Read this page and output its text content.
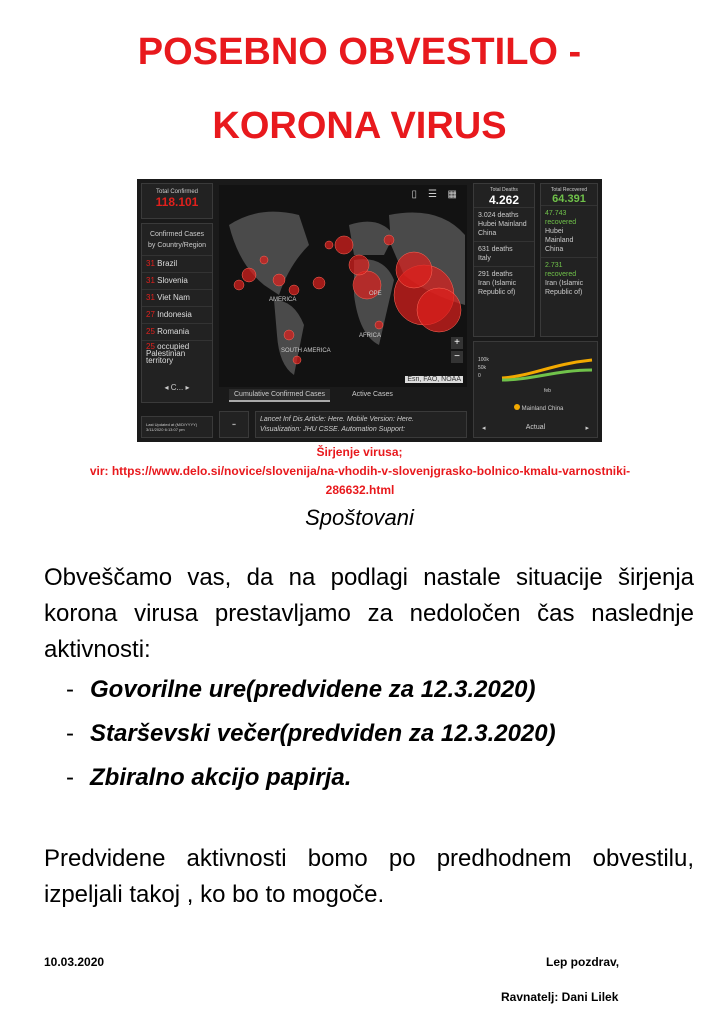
POSEBNO OBVESTILO -
KORONA VIRUS
Total Confirmed
118.101
Confirmed Cases by Country/Region
31 Brazil
31 Slovenia
31 Viet Nam
27 Indonesia
25 Romania
25 occupied Palestinian territory
◂ C... ▸
Last Updated at (M/D/YYYY) 3/11/2020 6:13:07 pm
AMERICA
OPE
SOUTH AMERICA
AFRICA
Esri, FAO, NOAA
+
−
▯ ☰ ▦
Cumulative Confirmed Cases	Active Cases
▪▪
Lancet Inf Dis Article: Here. Mobile Version: Here.
Visualization: JHU CSSE. Automation Support:
Total Deaths
4.262
3.024 deaths
Hubei Mainland China
631 deaths
Italy
291 deaths
Iran (Islamic Republic of)
Total Recovered
64.391
47.743 recovered
Hubei Mainland China
2.731 recovered
Iran (Islamic Republic of)
100k
50k
0
feb
Mainland China
◂	Actual	▸
Širjenje virusa;
vir: https://www.delo.si/novice/slovenija/na-vhodih-v-slovenjgrasko-bolnico-kmalu-varnostniki-286632.html
Spoštovani
Obveščamo vas, da na podlagi nastale situacije širjenja korona virusa prestavljamo za nedoločen čas naslednje aktivnosti:
- Govorilne ure(predvidene za 12.3.2020)
- Starševski večer(predviden za 12.3.2020)
- Zbiralno akcijo papirja.
Predvidene aktivnosti bomo po predhodnem obvestilu, izpeljali takoj , ko bo to mogoče.
10.03.2020	Lep pozdrav,
Ravnatelj: Dani Lilek
